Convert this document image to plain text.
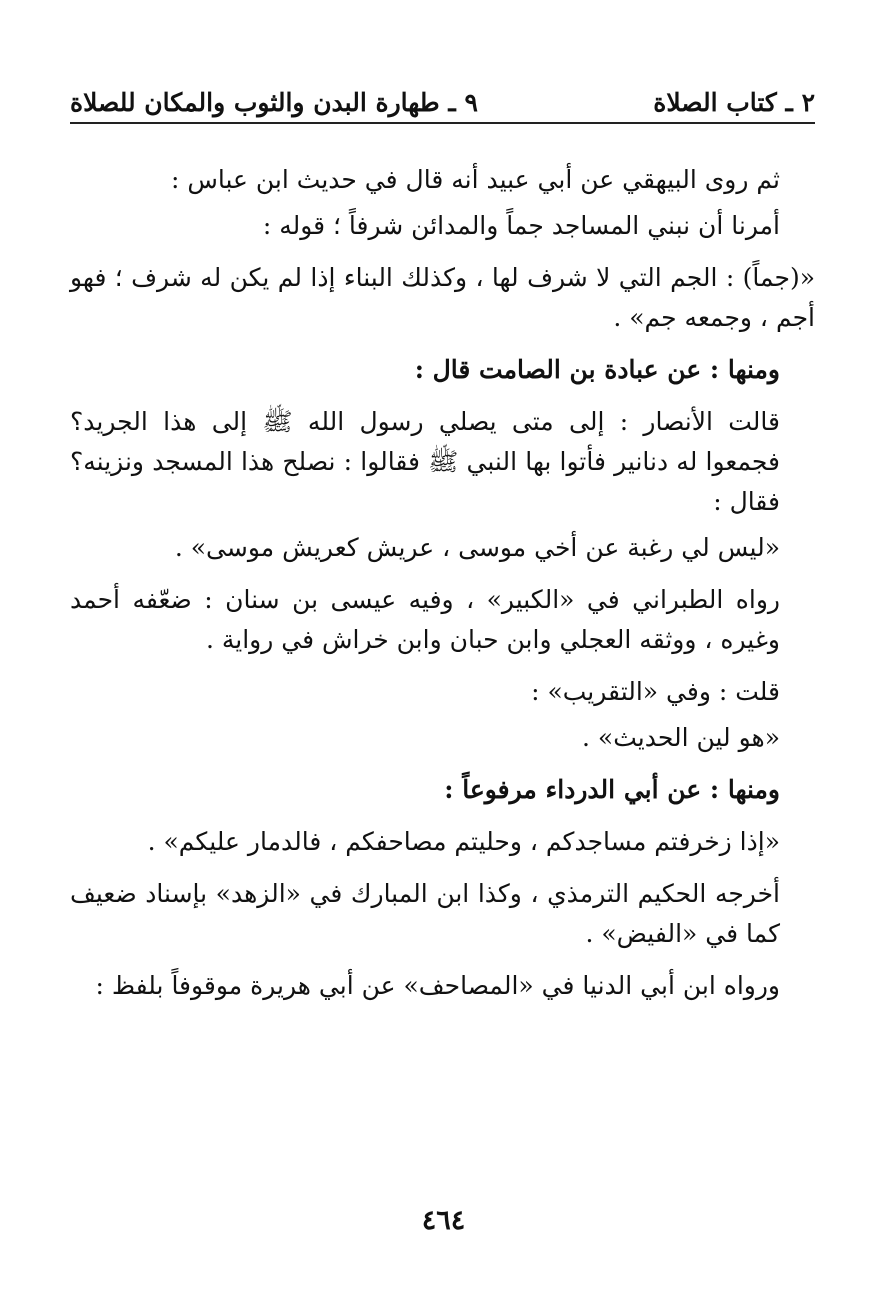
٢ ـ كتاب الصلاة
٩ ـ طهارة البدن والثوب والمكان للصلاة

ثم روى البيهقي عن أبي عبيد أنه قال في حديث ابن عباس :

أمرنا أن نبني المساجد جماً والمدائن شرفاً ؛ قوله :

«(جماً) : الجم التي لا شرف لها ، وكذلك البناء إذا لم يكن له شرف ؛ فهو أجم ، وجمعه جم» .

ومنها : عن عبادة بن الصامت قال :

قالت الأنصار : إلى متى يصلي رسول الله ﷺ إلى هذا الجريد؟ فجمعوا له دنانير فأتوا بها النبي ﷺ فقالوا : نصلح هذا المسجد ونزينه؟ فقال :

«ليس لي رغبة عن أخي موسى ، عريش كعريش موسى» .

رواه الطبراني في «الكبير» ، وفيه عيسى بن سنان : ضعّفه أحمد وغيره ، ووثقه العجلي وابن حبان وابن خراش في رواية .

قلت : وفي «التقريب» :

«هو لين الحديث» .

ومنها : عن أبي الدرداء مرفوعاً :

«إذا زخرفتم مساجدكم ، وحليتم مصاحفكم ، فالدمار عليكم» .

أخرجه الحكيم الترمذي ، وكذا ابن المبارك في «الزهد» بإسناد ضعيف كما في «الفيض» .

ورواه ابن أبي الدنيا في «المصاحف» عن أبي هريرة موقوفاً بلفظ :

٤٦٤
